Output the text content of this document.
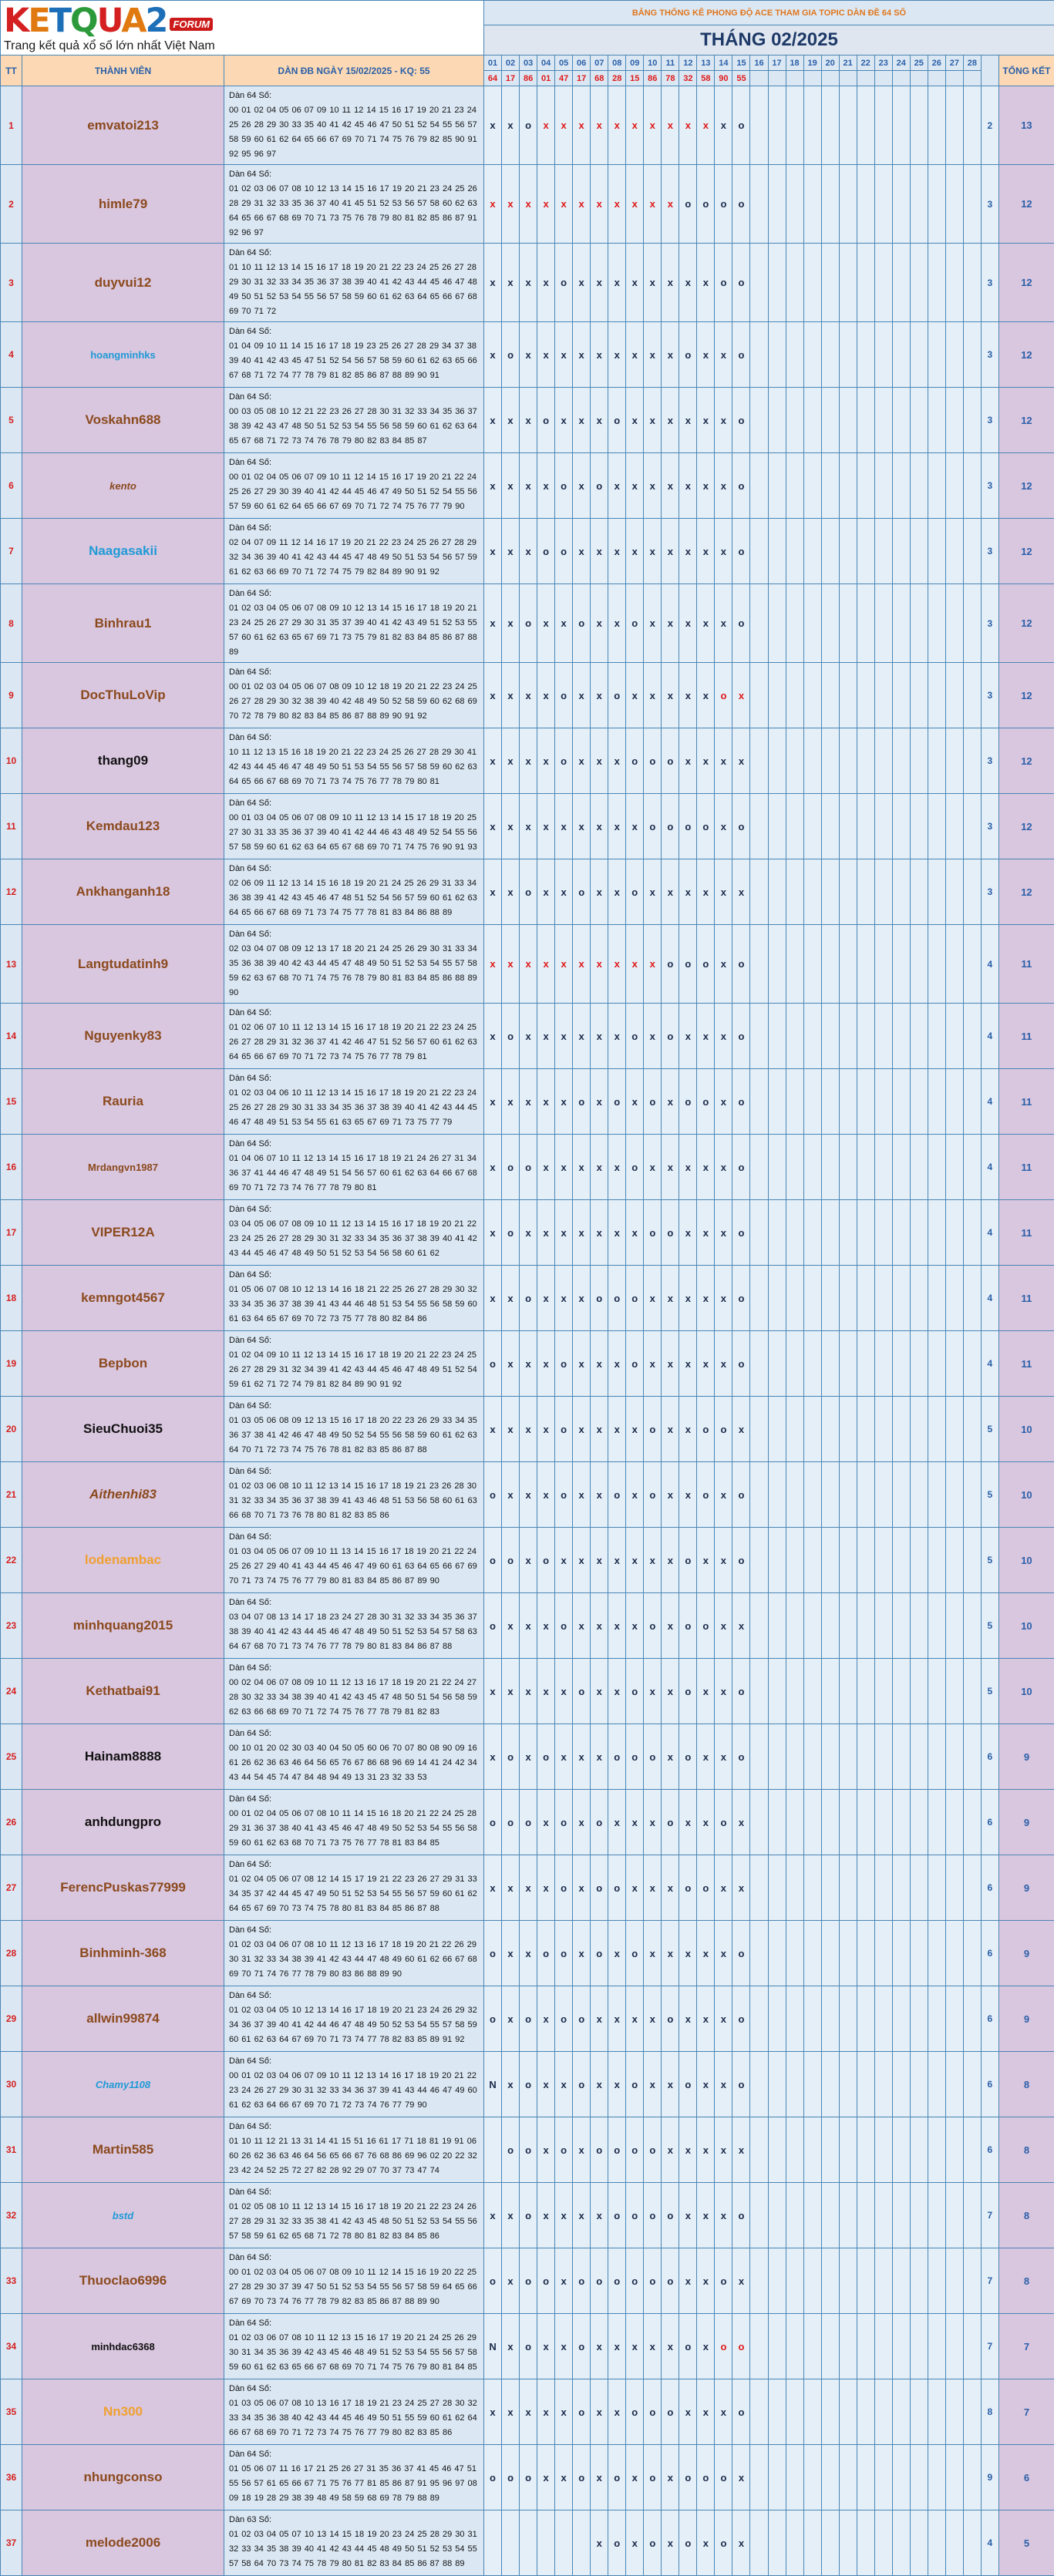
KETQUA2 FORUM
Trang kết quả xổ số lớn nhất Việt Nam			BẢNG THỐNG KÊ PHONG ĐỘ ACE THAM GIA TOPIC DÀN ĐỀ 64 SỐ																													
			THÁNG 02/2025																													
TT	THÀNH VIÊN	DÀN ĐB NGÀY 15/02/2025 - KQ: 55	01	02	03	04	05	06	07	08	09	10	11	12	13	14	15	16	17	18	19	20	21	22	23	24	25	26	27	28		TỔNG KẾT
			64	17	86	01	47	17	68	28	15	86	78	32	58	90	55															
1	emvatoi213	Dàn 64 Số:
00 01 02 04 05 06 07 09 10 11 12 14 15 16 17 19 20 21 23 24 25 26 28 29 30 33 35 40 41 42 45 46 47 50 51 52 54 55 56 57 58 59 60 61 62 64 65 66 67 69 70 71 74 75 76 79 82 85 90 91 92 95 96 97	x	x	o	x	x	x	x	x	x	x	x	x	x	x	o														2	13
2	himle79	Dàn 64 Số:
01 02 03 06 07 08 10 12 13 14 15 16 17 19 20 21 23 24 25 26 28 29 31 32 33 35 36 37 40 41 45 51 52 53 56 57 58 60 62 63 64 65 66 67 68 69 70 71 73 75 76 78 79 80 81 82 85 86 87 91 92 96 97	x	x	x	x	x	x	x	x	x	x	x	o	o	o	o														3	12
3	duyvui12	Dàn 64 Số:
01 10 11 12 13 14 15 16 17 18 19 20 21 22 23 24 25 26 27 28 29 30 31 32 33 34 35 36 37 38 39 40 41 42 43 44 45 46 47 48 49 50 51 52 53 54 55 56 57 58 59 60 61 62 63 64 65 66 67 68 69 70 71 72	x	x	x	x	o	x	x	x	x	x	x	x	x	o	o														3	12
4	hoangminhks	Dàn 64 Số:
01 04 09 10 11 14 15 16 17 18 19 23 25 26 27 28 29 34 37 38 39 40 41 42 43 45 47 51 52 54 56 57 58 59 60 61 62 63 65 66 67 68 71 72 74 77 78 79 81 82 85 86 87 88 89 90 91	x	o	x	x	x	x	x	x	x	x	x	o	x	x	o														3	12
5	Voskahn688	Dàn 64 Số:
00 03 05 08 10 12 21 22 23 26 27 28 30 31 32 33 34 35 36 37 38 39 42 43 47 48 50 51 52 53 54 55 56 58 59 60 61 62 63 64 65 67 68 71 72 73 74 76 78 79 80 82 83 84 85 87	x	x	x	o	x	x	x	o	x	x	x	x	x	x	o														3	12
6	kento	Dàn 64 Số:
00 01 02 04 05 06 07 09 10 11 12 14 15 16 17 19 20 21 22 24 25 26 27 29 30 39 40 41 42 44 45 46 47 49 50 51 52 54 55 56 57 59 60 61 62 64 65 66 67 69 70 71 72 74 75 76 77 79 90	x	x	x	x	o	x	o	x	x	x	x	x	x	x	o														3	12
7	Naagasakii	Dàn 64 Số:
02 04 07 09 11 12 14 16 17 19 20 21 22 23 24 25 26 27 28 29 32 34 36 39 40 41 42 43 44 45 47 48 49 50 51 53 54 56 57 59 61 62 63 66 69 70 71 72 74 75 79 82 84 89 90 91 92	x	x	x	o	o	x	x	x	x	x	x	x	x	x	o														3	12
8	Binhrau1	Dàn 64 Số:
01 02 03 04 05 06 07 08 09 10 12 13 14 15 16 17 18 19 20 21 23 24 25 26 27 29 30 31 35 37 39 40 41 42 43 49 51 52 53 55 57 60 61 62 63 65 67 69 71 73 75 79 81 82 83 84 85 86 87 88 89	x	x	o	x	x	o	x	x	o	x	x	x	x	x	o														3	12
9	DocThuLoVip	Dàn 64 Số:
00 01 02 03 04 05 06 07 08 09 10 12 18 19 20 21 22 23 24 25 26 27 28 29 30 32 38 39 40 42 48 49 50 52 58 59 60 62 68 69 70 72 78 79 80 82 83 84 85 86 87 88 89 90 91 92	x	x	x	x	o	x	x	o	x	x	x	x	x	o	x														3	12
10	thang09	Dàn 64 Số:
10 11 12 13 15 16 18 19 20 21 22 23 24 25 26 27 28 29 30 41 42 43 44 45 46 47 48 49 50 51 53 54 55 56 57 58 59 60 62 63 64 65 66 67 68 69 70 71 73 74 75 76 77 78 79 80 81	x	x	x	x	o	x	x	x	o	o	o	x	x	x	x														3	12
11	Kemdau123	Dàn 64 Số:
00 01 03 04 05 06 07 08 09 10 11 12 13 14 15 17 18 19 20 25 27 30 31 33 35 36 37 39 40 41 42 44 46 43 48 49 52 54 55 56 57 58 59 60 61 62 63 64 65 67 68 69 70 71 74 75 76 90 91 93	x	x	x	x	x	x	x	x	x	o	o	o	o	x	o														3	12
12	Ankhanganh18	Dàn 64 Số:
02 06 09 11 12 13 14 15 16 18 19 20 21 24 25 26 29 31 33 34 36 38 39 41 42 43 45 46 47 48 51 52 54 56 57 59 60 61 62 63 64 65 66 67 68 69 71 73 74 75 77 78 81 83 84 86 88 89	x	x	o	x	x	o	x	x	o	x	x	x	x	x	x														3	12
13	Langtudatinh9	Dàn 64 Số:
02 03 04 07 08 09 12 13 17 18 20 21 24 25 26 29 30 31 33 34 35 36 38 39 40 42 43 44 45 47 48 49 50 51 52 53 54 55 57 58 59 62 63 67 68 70 71 74 75 76 78 79 80 81 83 84 85 86 88 89 90	x	x	x	x	x	x	x	x	x	x	o	o	o	x	o														4	11
14	Nguyenky83	Dàn 64 Số:
01 02 06 07 10 11 12 13 14 15 16 17 18 19 20 21 22 23 24 25 26 27 28 29 31 32 36 37 41 42 46 47 51 52 56 57 60 61 62 63 64 65 66 67 69 70 71 72 73 74 75 76 77 78 79 81	x	o	x	x	x	x	x	x	o	x	o	x	x	x	o														4	11
15	Rauria	Dàn 64 Số:
01 02 03 04 06 10 11 12 13 14 15 16 17 18 19 20 21 22 23 24 25 26 27 28 29 30 31 33 34 35 36 37 38 39 40 41 42 43 44 45 46 47 48 49 51 53 54 55 61 63 65 67 69 71 73 75 77 79	x	x	x	x	x	o	x	o	x	o	x	o	o	x	o														4	11
16	Mrdangvn1987	Dàn 64 Số:
01 04 06 07 10 11 12 13 14 15 16 17 18 19 21 24 26 27 31 34 36 37 41 44 46 47 48 49 51 54 56 57 60 61 62 63 64 66 67 68 69 70 71 72 73 74 76 77 78 79 80 81	x	o	o	x	x	x	x	x	o	x	x	x	x	x	o														4	11
17	VIPER12A	Dàn 64 Số:
03 04 05 06 07 08 09 10 11 12 13 14 15 16 17 18 19 20 21 22 23 24 25 26 27 28 29 30 31 32 33 34 35 36 37 38 39 40 41 42 43 44 45 46 47 48 49 50 51 52 53 54 56 58 60 61 62	x	o	x	x	x	x	x	x	x	o	o	x	x	x	o														4	11
18	kemngot4567	Dàn 64 Số:
01 05 06 07 08 10 12 13 14 16 18 21 22 25 26 27 28 29 30 32 33 34 35 36 37 38 39 41 43 44 46 48 51 53 54 55 56 58 59 60 61 63 64 65 67 69 70 72 73 75 77 78 80 82 84 86	x	x	o	x	x	x	o	o	o	x	x	x	x	x	o														4	11
19	Bepbon	Dàn 64 Số:
01 02 04 09 10 11 12 13 14 15 16 17 18 19 20 21 22 23 24 25 26 27 28 29 31 32 34 39 41 42 43 44 45 46 47 48 49 51 52 54 59 61 62 71 72 74 79 81 82 84 89 90 91 92	o	x	x	x	o	x	x	x	o	x	x	x	x	x	o														4	11
20	SieuChuoi35	Dàn 64 Số:
01 03 05 06 08 09 12 13 15 16 17 18 20 22 23 26 29 33 34 35 36 37 38 41 42 46 47 48 49 50 52 54 55 56 58 59 60 61 62 63 64 70 71 72 73 74 75 76 78 81 82 83 85 86 87 88	x	x	x	x	o	x	x	x	x	o	x	x	o	o	x														5	10
21	Aithenhi83	Dàn 64 Số:
01 02 03 06 08 10 11 12 13 14 15 16 17 18 19 21 23 26 28 30 31 32 33 34 35 36 37 38 39 41 43 46 48 51 53 56 58 60 61 63 66 68 70 71 73 76 78 80 81 82 83 85 86	o	x	x	x	o	x	x	o	x	o	x	x	o	x	o														5	10
22	lodenambac	Dàn 64 Số:
01 03 04 05 06 07 09 10 11 13 14 15 16 17 18 19 20 21 22 24 25 26 27 29 40 41 43 44 45 46 47 49 60 61 63 64 65 66 67 69 70 71 73 74 75 76 77 79 80 81 83 84 85 86 87 89 90	o	o	x	o	x	x	x	x	x	x	x	o	x	x	o														5	10
23	minhquang2015	Dàn 64 Số:
03 04 07 08 13 14 17 18 23 24 27 28 30 31 32 33 34 35 36 37 38 39 40 41 42 43 44 45 46 47 48 49 50 51 52 53 54 57 58 63 64 67 68 70 71 73 74 76 77 78 79 80 81 83 84 86 87 88	o	x	x	x	o	x	x	x	x	o	x	o	o	x	x														5	10
24	Kethatbai91	Dàn 64 Số:
00 02 04 06 07 08 09 10 11 12 13 16 17 18 19 20 21 22 24 27 28 30 32 33 34 38 39 40 41 42 43 45 47 48 50 51 54 56 58 59 62 63 66 68 69 70 71 72 74 75 76 77 78 79 81 82 83	x	x	x	x	x	o	x	x	o	x	x	o	x	x	o														5	10
25	Hainam8888	Dàn 64 Số:
00 10 01 20 02 30 03 40 04 50 05 60 06 70 07 80 08 90 09 16 61 26 62 36 63 46 64 56 65 76 67 86 68 96 69 14 41 24 42 34 43 44 54 45 74 47 84 48 94 49 13 31 23 32 33 53	x	o	x	o	x	x	x	o	o	o	x	o	x	x	o														6	9
26	anhdungpro	Dàn 64 Số:
00 01 02 04 05 06 07 08 10 11 14 15 16 18 20 21 22 24 25 28 29 31 36 37 38 40 41 43 45 46 47 48 49 50 52 53 54 55 56 58 59 60 61 62 63 68 70 71 73 75 76 77 78 81 83 84 85	o	o	o	x	o	x	o	x	x	x	o	x	x	o	x														6	9
27	FerencPuskas77999	Dàn 64 Số:
01 02 04 05 06 07 08 12 14 15 17 19 21 22 23 26 27 29 31 33 34 35 37 42 44 45 47 49 50 51 52 53 54 55 56 57 59 60 61 62 64 65 67 69 70 73 74 75 78 80 81 83 84 85 86 87 88	x	x	x	x	o	x	o	o	x	x	x	o	o	x	x														6	9
28	Binhminh-368	Dàn 64 Số:
01 02 03 04 06 07 08 10 11 12 13 16 17 18 19 20 21 22 26 29 30 31 32 33 34 38 39 41 42 43 44 47 48 49 60 61 62 66 67 68 69 70 71 74 76 77 78 79 80 83 86 88 89 90	o	x	x	o	o	x	o	x	o	x	x	x	x	x	o														6	9
29	allwin99874	Dàn 64 Số:
01 02 03 04 05 10 12 13 14 16 17 18 19 20 21 23 24 26 29 32 34 36 37 39 40 41 42 44 46 47 48 49 50 52 53 54 55 57 58 59 60 61 62 63 64 67 69 70 71 73 74 77 78 82 83 85 89 91 92	o	x	o	x	o	o	x	x	x	x	o	x	x	x	o														6	9
30	Chamy1108	Dàn 64 Số:
00 01 02 03 04 06 07 09 10 11 12 13 14 16 17 18 19 20 21 22 23 24 26 27 29 30 31 32 33 34 36 37 39 41 43 44 46 47 49 60 61 62 63 64 66 67 69 70 71 72 73 74 76 77 79 90	N	x	o	x	x	o	x	x	o	x	x	o	x	x	o														6	8
31	Martin585	Dàn 64 Số:
01 10 11 12 21 13 31 14 41 15 51 16 61 17 71 18 81 19 91 06 60 26 62 36 63 46 64 56 65 66 67 76 68 86 69 96 02 20 22 32 23 42 24 52 25 72 27 82 28 92 29 07 70 37 73 47 74		o	o	x	o	x	o	o	o	o	x	x	x	x	x														6	8
32	bstd	Dàn 64 Số:
01 02 05 08 10 11 12 13 14 15 16 17 18 19 20 21 22 23 24 26 27 28 29 31 32 33 35 38 41 42 43 45 48 50 51 52 53 54 55 56 57 58 59 61 62 65 68 71 72 78 80 81 82 83 84 85 86	x	x	o	x	x	x	x	o	o	o	o	x	x	x	o														7	8
33	Thuoclao6996	Dàn 64 Số:
00 01 02 03 04 05 06 07 08 09 10 11 12 14 15 16 19 20 22 25 27 28 29 30 37 39 47 50 51 52 53 54 55 56 57 58 59 64 65 66 67 69 70 73 74 76 77 78 79 82 83 85 86 87 88 89 90	o	x	o	o	x	o	o	o	o	o	o	x	x	o	x														7	8
34	minhdac6368	Dàn 64 Số:
01 02 03 06 07 08 10 11 12 13 15 16 17 19 20 21 24 25 26 29 30 31 34 35 36 39 42 43 45 46 48 49 51 52 53 54 55 56 57 58 59 60 61 62 63 65 66 67 68 69 70 71 74 75 76 79 80 81 84 85	N	x	o	x	x	o	x	x	x	x	x	o	x	o	o														7	7
35	Nn300	Dàn 64 Số:
01 03 05 06 07 08 10 13 16 17 18 19 21 23 24 25 27 28 30 32 33 34 35 36 38 40 42 43 44 45 46 49 50 51 55 59 60 61 62 64 66 67 68 69 70 71 72 73 74 75 76 77 79 80 82 83 85 86	x	x	x	x	x	o	x	x	o	o	o	x	x	x	o														8	7
36	nhungconso	Dàn 64 Số:
01 05 06 07 11 16 17 21 25 26 27 31 35 36 37 41 45 46 47 51 55 56 57 61 65 66 67 71 75 76 77 81 85 86 87 91 95 96 97 08 09 18 19 28 29 38 39 48 49 58 59 68 69 78 79 88 89	o	o	o	x	x	o	x	o	x	o	x	o	o	o	x														9	6
37	melode2006	Dàn 63 Số:
01 02 03 04 05 07 10 13 14 15 18 19 20 23 24 25 28 29 30 31 32 33 34 35 38 39 40 41 42 43 44 45 48 49 50 51 52 53 54 55 57 58 64 70 73 74 75 78 79 80 81 82 83 84 85 86 87 88 89							x	o	x	o	x	o	x	o	x														4	5
